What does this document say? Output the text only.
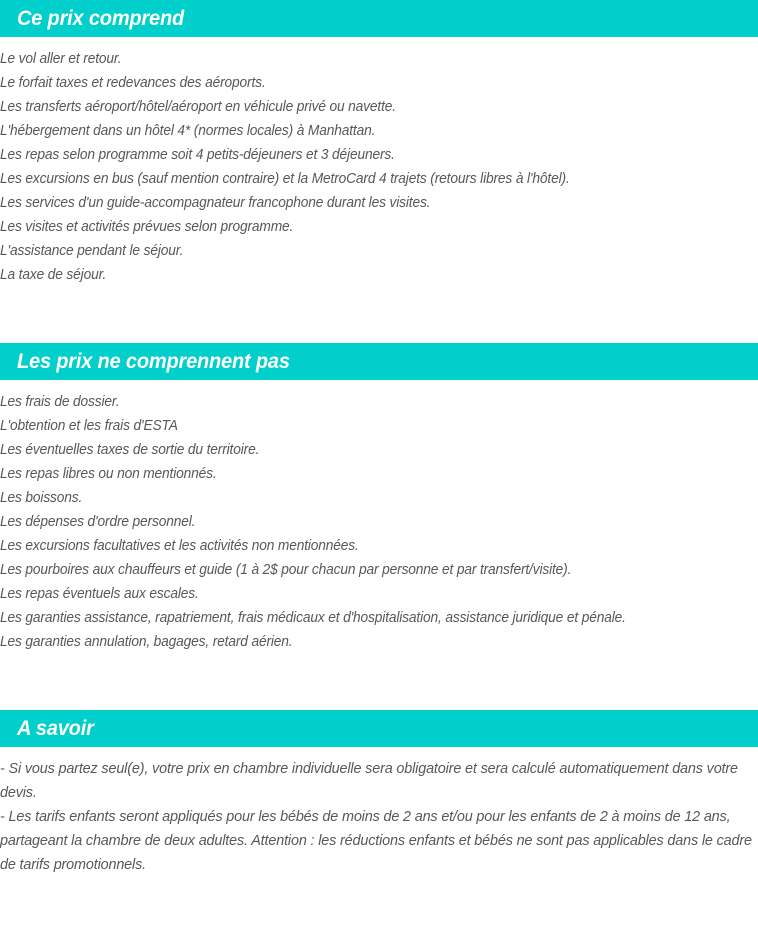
Ce prix comprend
Le vol aller et retour.
Le forfait taxes et redevances des aéroports.
Les transferts aéroport/hôtel/aéroport en véhicule privé ou navette.
L'hébergement dans un hôtel 4* (normes locales) à Manhattan.
Les repas selon programme soit 4 petits-déjeuners et 3 déjeuners.
Les excursions en bus (sauf mention contraire) et la MetroCard 4 trajets (retours libres à l'hôtel).
Les services d'un guide-accompagnateur francophone durant les visites.
Les visites et activités prévues selon programme.
L'assistance pendant le séjour.
La taxe de séjour.
Les prix ne comprennent pas
Les frais de dossier.
L'obtention et les frais d'ESTA
Les éventuelles taxes de sortie du territoire.
Les repas libres ou non mentionnés.
Les boissons.
Les dépenses d'ordre personnel.
Les excursions facultatives et les activités non mentionnées.
Les pourboires aux chauffeurs et guide (1 à 2$ pour chacun par personne et par transfert/visite).
Les repas éventuels aux escales.
Les garanties assistance, rapatriement, frais médicaux et d'hospitalisation, assistance juridique et pénale.
Les garanties annulation, bagages, retard aérien.
A savoir

- Si vous partez seul(e), votre prix en chambre individuelle sera obligatoire et sera calculé automatiquement dans votre devis.

- Les tarifs enfants seront appliqués pour les bébés de moins de 2 ans et/ou pour les enfants de 2 à moins de 12 ans, partageant la chambre de deux adultes. Attention : les réductions enfants et bébés ne sont pas applicables dans le cadre de tarifs promotionnels.
